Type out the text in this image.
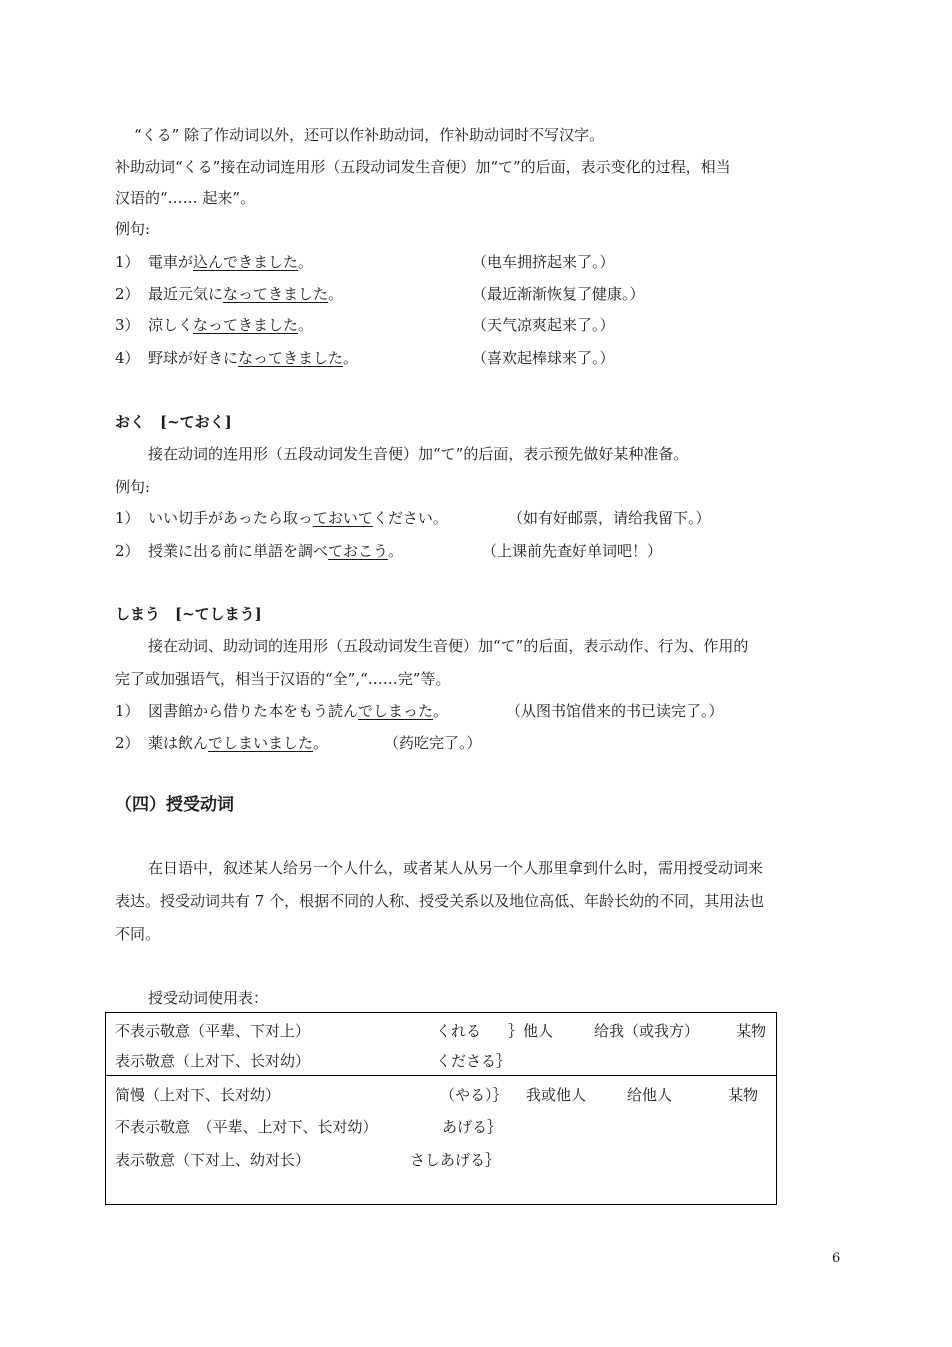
“くる” 除了作动词以外，还可以作补助动词，作补助动词时不写汉字。
补助动词“くる”接在动词连用形（五段动词发生音便）加“て”的后面，表示变化的过程，相当
汉语的“…… 起来”。
例句:
1） 電車が込んできました。	（电车拥挤起来了。）
2） 最近元気になってきました。	（最近渐渐恢复了健康。）
3） 涼しくなってきました。	（天气凉爽起来了。）
4） 野球が好きになってきました。	（喜欢起棒球来了。）
おく　[~ておく]
接在动词的连用形（五段动词发生音便）加“て”的后面，表示预先做好某种准备。
例句:
1） いい切手があったら取っておいてください。	（如有好邮票，请给我留下。）
2） 授業に出る前に単語を調べておこう。	（上课前先查好单词吧！）
しまう　[~てしまう]
接在动词、助动词的连用形（五段动词发生音便）加“て”的后面，表示动作、行为、作用的
完了或加强语气，相当于汉语的“全”,“……完”等。
1） 図書館から借りた本をもう読んでしまった。	（从图书馆借来的书已读完了。）
2） 薬は飲んでしまいました。	（药吃完了。）
（四）授受动词
在日语中，叙述某人给另一个人什么，或者某人从另一个人那里拿到什么时，需用授受动词来
表达。授受动词共有 7 个，根据不同的人称、授受关系以及地位高低、年龄长幼的不同，其用法也
不同。
授受动词使用表：
不表示敬意（平辈、下对上）	くれる ｝他人	给我（或我方） 某物
表示敬意（上对下、长对幼）	くださる｝
简慢（上对下、长对幼）	（やる）｝ 我或他人	给他人	某物
不表示敬意　（平辈、上对下、长对幼）	あげる｝
表示敬意（下对上、幼对长）	さしあげる｝
6
